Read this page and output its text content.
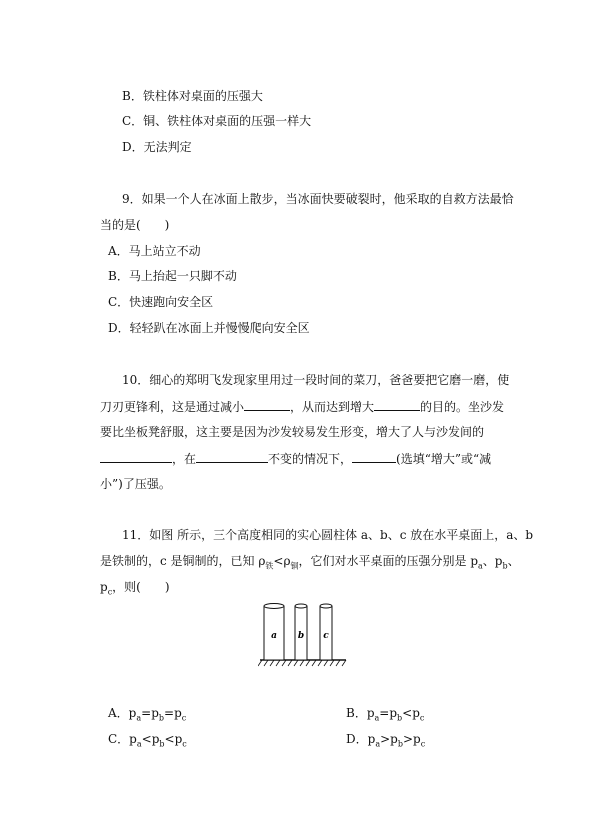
B．铁柱体对桌面的压强大
C．铜、铁柱体对桌面的压强一样大
D．无法判定
9．如果一个人在冰面上散步，当冰面快要破裂时，他采取的自救方法最恰
当的是(　　)
A．马上站立不动
B．马上抬起一只脚不动
C．快速跑向安全区
D．轻轻趴在冰面上并慢慢爬向安全区
10．细心的郑明飞发现家里用过一段时间的菜刀，爸爸要把它磨一磨，使
刀刃更锋利，这是通过减小	，从而达到增大	的目的。坐沙发
要比坐板凳舒服，这主要是因为沙发较易发生形变，增大了人与沙发间的
，在	不变的情况下，	(选填“增大”或“减
小”)了压强。
11．如图 所示，三个高度相同的实心圆柱体 a、b、c 放在水平桌面上，a、b
是铁制的，c 是铜制的，已知 $\rho_铁<\rho_铜$，它们对水平桌面的压强分别是 $p_a$、$p_b$、
$p_c$，则(　　)
a b c
A．$p_a=p_b=p_c$	B．$p_a=p_b<p_c$
C．$p_a<p_b<p_c$	D．$p_a>p_b>p_c$
